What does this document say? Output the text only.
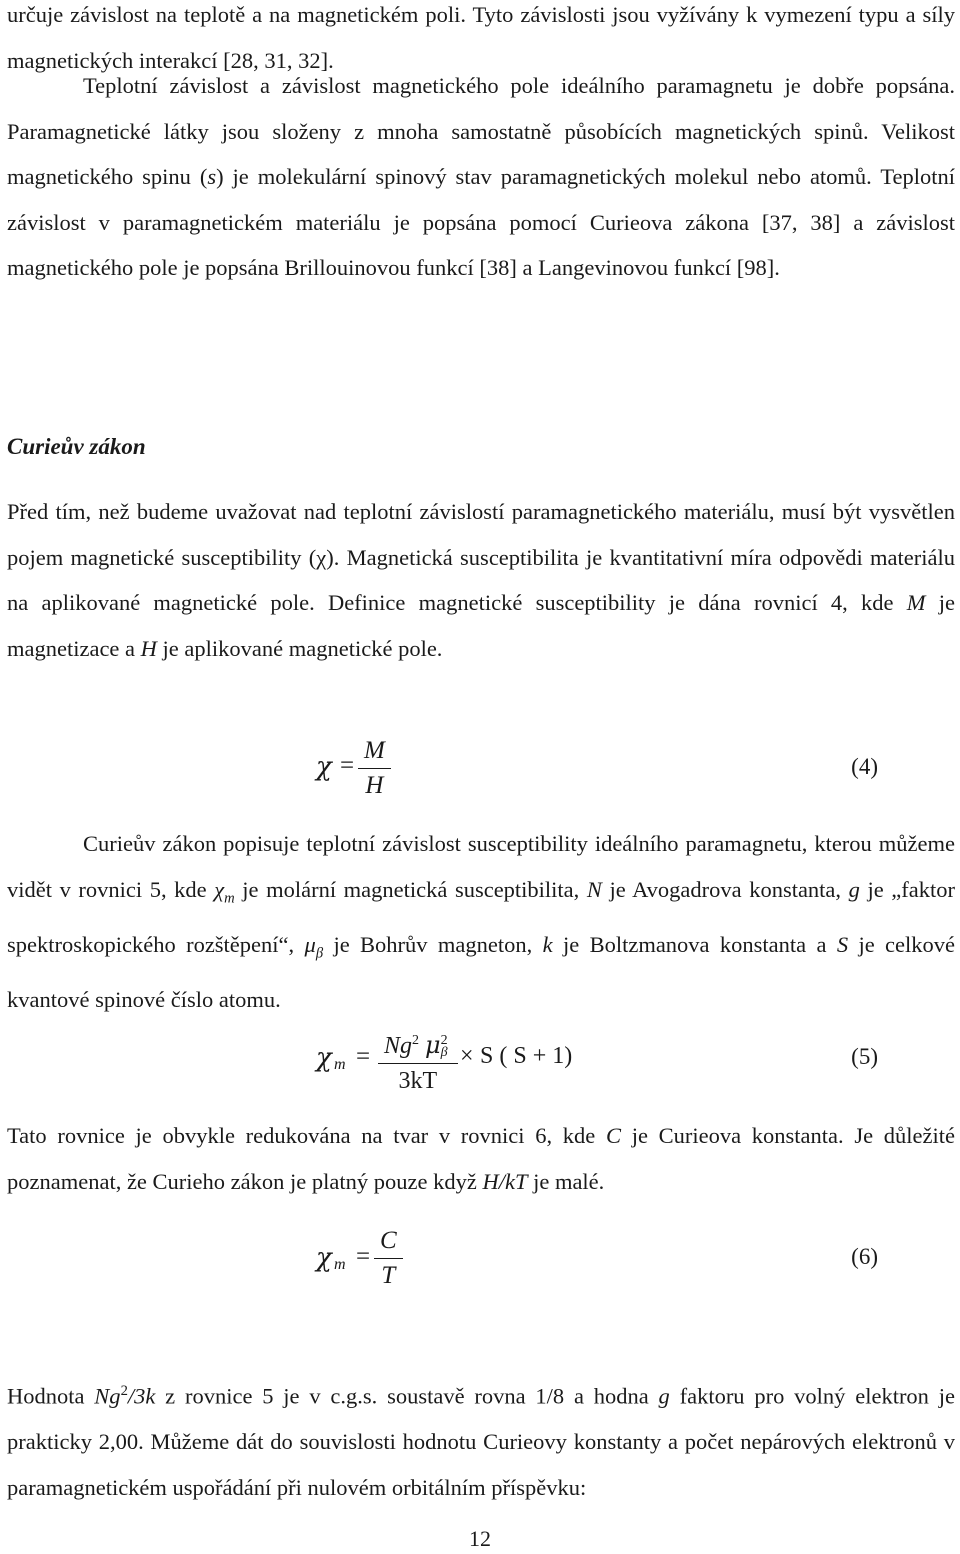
určuje závislost na teplotě a na magnetickém poli. Tyto závislosti jsou vyžívány k vymezení typu a síly magnetických interakcí [28, 31, 32].

Teplotní závislost a závislost magnetického pole ideálního paramagnetu je dobře popsána. Paramagnetické látky jsou složeny z mnoha samostatně působících magnetických spinů. Velikost magnetického spinu (s) je molekulární spinový stav paramagnetických molekul nebo atomů. Teplotní závislost v paramagnetickém materiálu je popsána pomocí Curieova zákona [37, 38] a závislost magnetického pole je popsána Brillouinovou funkcí [38] a Langevinovou funkcí [98].

Curieův zákon

Před tím, než budeme uvažovat nad teplotní závislostí paramagnetického materiálu, musí být vysvětlen pojem magnetické susceptibility (χ). Magnetická susceptibilita je kvantitativní míra odpovědi materiálu na aplikované magnetické pole. Definice magnetické susceptibility je dána rovnicí 4, kde M je magnetizace a H je aplikované magnetické pole.

$\chi = \frac{M}{H}$	(4)

Curieův zákon popisuje teplotní závislost susceptibility ideálního paramagnetu, kterou můžeme vidět v rovnici 5, kde $\chi_m$ je molární magnetická susceptibilita, N je Avogadrova konstanta, g je „faktor spektroskopického rozštěpení“, $\mu_\beta$ je Bohrův magneton, k je Boltzmanova konstanta a S je celkové kvantové spinové číslo atomu.

χ $m = Ng^2$ μ 2
β
3kT × S ( S + 1)	(5)

Tato rovnice je obvykle redukována na tvar v rovnici 6, kde C je Curieova konstanta. Je důležité poznamenat, že Curieho zákon je platný pouze když H/kT je malé.

χ $m = \frac{C}{T}$	(6)

Hodnota Ng$^2$/3k z rovnice 5 je v c.g.s. soustavě rovna 1/8 a hodna g faktoru pro volný elektron je prakticky 2,00. Můžeme dát do souvislosti hodnotu Curieovy konstanty a počet nepárových elektronů v paramagnetickém uspořádání při nulovém orbitálním příspěvku:

12
